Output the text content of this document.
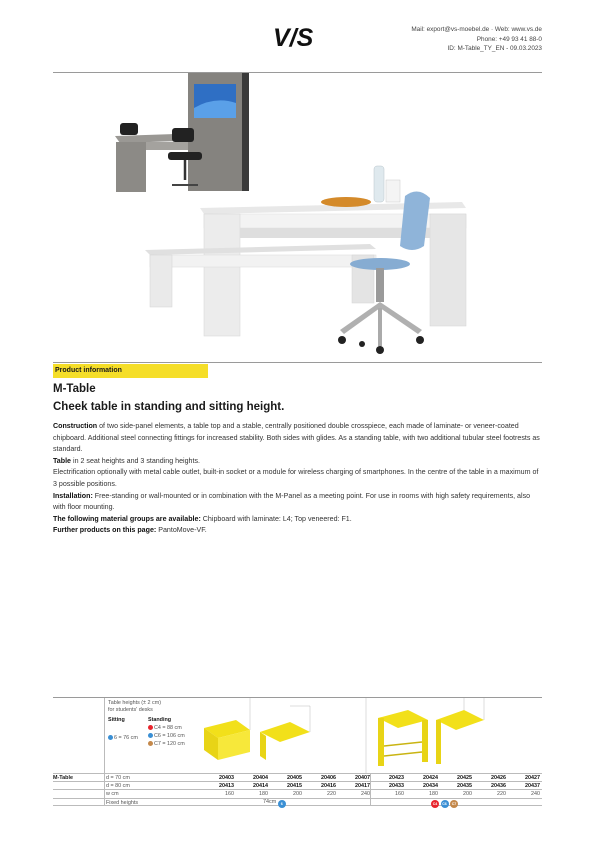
V/S	Mail: export@vs-moebel.de · Web: www.vs.de
Phone: +49 93 41 88-0
ID: M-Table_TY_EN - 09.03.2023
Product information
M-Table
Cheek table in standing and sitting height.

Construction of two side-panel elements, a table top and a stable, centrally positioned double crosspiece, each made of laminate- or veneer-coated chipboard. Additional steel connecting fittings for increased stability. Both sides with glides. As a standing table, with two additional tubular steel footrests as standard.

Table in 2 seat heights and 3 standing heights.

Electrification optionally with metal cable outlet, built-in socket or a module for wireless charging of smartphones. In the centre of the table in a maximum of 3 possible positions.

Installation: Free-standing or wall-mounted or in combination with the M-Panel as a meeting point. For use in rooms with high safety requirements, also with floor mounting.

The following material groups are available: Chipboard with laminate: L4; Top veneered: F1.

Further products on this page: PantoMove-VF.

Table heights (± 2 cm)
for students' desks
Sitting	Standing
6 = 76 cm
C4 = 88 cm
C6 = 106 cm
C7 = 120 cm
M-Table	d = 70 cm	20403	20404	20405	20406	20407	20423	20424	20425	20426	20427
d = 80 cm	20413	20414	20415	20416	20417	20433	20434	20435	20436	20437
w cm	160	180	200	220	240	160	180	200	220	240
Fixed heights	74cm 6	C4 C6 C7
